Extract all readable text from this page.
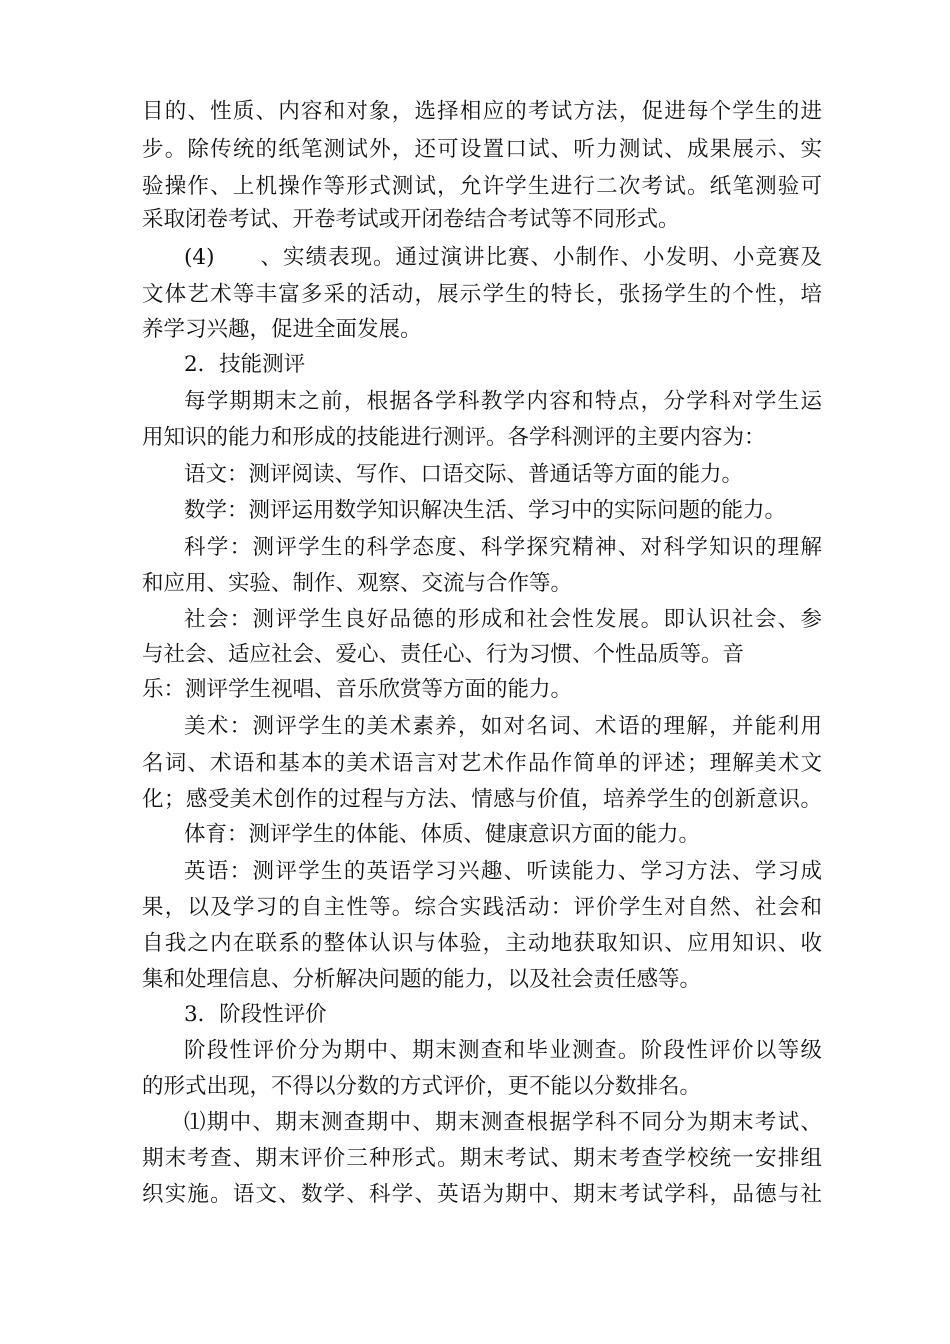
目的、性质、内容和对象，选择相应的考试方法，促进每个学生的进
步。除传统的纸笔测试外，还可设置口试、听力测试、成果展示、实
验操作、上机操作等形式测试，允许学生进行二次考试。纸笔测验可
采取闭卷考试、开卷考试或开闭卷结合考试等不同形式。
(4)　　、实绩表现。通过演讲比赛、小制作、小发明、小竞赛及
文体艺术等丰富多采的活动，展示学生的特长，张扬学生的个性，培
养学习兴趣，促进全面发展。
2．技能测评
每学期期末之前，根据各学科教学内容和特点，分学科对学生运
用知识的能力和形成的技能进行测评。各学科测评的主要内容为：
语文：测评阅读、写作、口语交际、普通话等方面的能力。
数学：测评运用数学知识解决生活、学习中的实际问题的能力。
科学：测评学生的科学态度、科学探究精神、对科学知识的理解
和应用、实验、制作、观察、交流与合作等。
社会：测评学生良好品德的形成和社会性发展。即认识社会、参
与社会、适应社会、爱心、责任心、行为习惯、个性品质等。音
乐：测评学生视唱、音乐欣赏等方面的能力。
美术：测评学生的美术素养，如对名词、术语的理解，并能利用
名词、术语和基本的美术语言对艺术作品作简单的评述；理解美术文
化；感受美术创作的过程与方法、情感与价值，培养学生的创新意识。
体育：测评学生的体能、体质、健康意识方面的能力。
英语：测评学生的英语学习兴趣、听读能力、学习方法、学习成
果，以及学习的自主性等。综合实践活动：评价学生对自然、社会和
自我之内在联系的整体认识与体验，主动地获取知识、应用知识、收
集和处理信息、分析解决问题的能力，以及社会责任感等。
3．阶段性评价
阶段性评价分为期中、期末测查和毕业测查。阶段性评价以等级
的形式出现，不得以分数的方式评价，更不能以分数排名。
⑴期中、期末测查期中、期末测查根据学科不同分为期末考试、
期末考查、期末评价三种形式。期末考试、期末考查学校统一安排组
织实施。语文、数学、科学、英语为期中、期末考试学科，品德与社
